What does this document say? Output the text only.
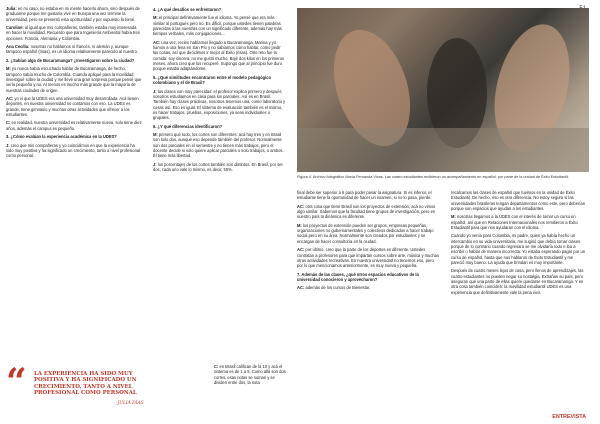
Julia: en mi caso, no estaba en mi mente hacerlo ahora, sino después de graduarme porque me gustaría vivir en Europa una vez termine la universidad, pero se presentó esta oportunidad y por supuesto la tomé.

Caroline: al igual que mis compañeras, también estaba muy interesada en hacer la movilidad. Recuerdo que para Ingeniería Ambiental había tres opciones: Francia, Alemania y Colombia.

Ana Cecília: nosotras no hablamos ni francés, ni alemán y, aunque tampoco español (risas), es un idioma relativamente parecido al nuestro.

2. ¿Sabían algo de Bucaramanga? ¿Investigaron sobre la ciudad?

M: yo nunca había escuchado hablar de Bucaramanga, de hecho, tampoco sabía mucho de Colombia. Cuando apliqué para la movilidad, investigué sobre la ciudad y me llevé una gran sorpresa porque pensé que sería pequeña y no. Al menos es mucho más grande que la mayoría de nuestras ciudades de origen.

AC: yo vi que la UDES era una universidad muy desarrollada. Acá tienen deportes, en nuestra universidad no contamos con eso. La UDES es grande, tiene gimnasio y muchas otras actividades que ofrecer a los estudiantes.

C: en realidad, nuestra universidad es relativamente nueva, solo tiene diez años, además el campus es pequeño.

3. ¿Cómo evalúan la experiencia académica en la UDES?

J: creo que mis compañeras y yo coincidimos en que la experiencia ha sido muy positiva y ha significado un crecimiento, tanto a nivel profesional como personal.

4. ¿A qué desafíos se enfrentaron?

M: el principal definitivamente fue el idioma. Yo pensé que era más similar al portugués pero no. Es difícil, porque ustedes tienen palabras parecidas a las nuestras con un significado diferente, además hay más tiempos verbales, más conjugaciones...

AC: una vez, recién habíamos llegado a Bucaramanga, Marina y yo fuimos a una feria en San Pío y no sabíamos cómo hablar, cómo pedir las cosas, así que decidimos ir mejor al Éxito (risas). Otro reto fue la comida: soy sincera, no me gustó mucho. Bajé dos kilos en los primeros meses, ahora creo que los recuperé. Supongo que al principio fue duro porque estaba adaptándome.

5. ¿Qué similitudes encontraron entre el modelo pedagógico colombiano y el de Brasil?

J: las clases son muy parecidas: el profesor explica primero y después nosotros estudiamos en casa para los parciales. Así es en Brasil. También hay clases prácticas, nosotros tenemos una, como laboratorio y cosas así. Eso es igual. El sistema de evaluación también es el mismo, es hacer trabajos, pruebas, exposiciones, ya sean individuales o grupales.

6. ¿Y qué diferencias identificaron?

M: primero que todo, los cortes son diferentes: acá hay tres y en Brasil son solo dos, aunque eso depende también del profesor. Normalmente son dos parciales en el semestre y no tienen más trabajos, pero el docente decide si solo quiere aplicar parciales o solo trabajos, o ambos. Él tiene más libertad.

J: los porcentajes de los cortes también son distintos. En Brasil, por ser dos, cada uno vale lo mismo, es decir, 50%.

C: en Brasil califican de la 10 y acá el sistema es de 1 a 5. Como allá son dos cortes, esas notas se suman y se dividen entre dos, la nota

Figura 4. Archivo fotográfico María Fernanda Vivas. Las cuatro estudiantes recibieron un acompañamiento en español, por parte de la unidad de Éxito Estudiantil.

final debe ser superior a 6 para poder pasar la asignatura. Si es inferior, el estudiante tiene la oportunidad de hacer un examen, si no lo pasa, pierde.

AC: otra cosa que tiene Brasil son los proyectos de extensión, acá no vimos algo similar. Sabemos que la facultad tiene grupos de investigación, pero en nuestro país la dinámica es diferente.

M: los proyectos de extensión pueden ser grupos, empresas pequeñas, organizaciones no gubernamentales y colectivos dedicados a hacer trabajo social pero en su área. Normalmente son creados por estudiantes y se encargan de hacer consultoría en la ciudad.

AC: por último, creo que la parte de los deportes es diferente. Ustedes contratan a profesores para que impartan cursos sobre arte, música y muchas otras actividades recreativas. En nuestra universidad no tenemos eso, pero por lo que mencionamos anteriormente, es muy nueva y pequeña.

7. Además de las clases, ¿qué otros espacios educativos de la universidad conocieron y aprovecharon?

AC: además de los cursos de Bienestar,

recalcamos las clases de español que tuvimos en la unidad de Éxito Estudiantil. De hecho, eso es otra diferencia. No estoy segura si las universidades brasileras tengan departamentos como este, pero deberían porque son espacios que ayudan a los estudiantes.

M: nosotras llegamos a la UDES con el interés de tomar un curso en español, así que en Relaciones Internacionales nos remitieron a Éxito Estudiantil para que nos ayudaran con el idioma.

Cuando yo venía para Colombia, mi padre, quien ya había hecho un intercambio en su vida universitaria, me sugirió que debía tomar clases porque de lo contrario cuando regresara se me olvidaría todo e iba a escribir o hablar de manera incorrecta. Yo estaba esperando pagar por un curso de español, hasta que nos hablaron de Éxito Estudiantil y me pareció muy bueno. La ayuda que brindan es muy importante.

Después de cuatro meses lejos de casa, pero llenos de aprendizajes, las cuatro estudiantes no pueden negar su nostalgia. Extrañan su país, pero aseguran que una parte de ellas quiere quedarse en Bucaramanga. Y en otra cosa también coinciden: la movilidad estudiantil UDES es una experiencia que definitivamente vale la pena vivir.

“ LA EXPERIENCIA HA SIDO MUY POSITIVA Y HA SIGNIFICADO UN CRECIMIENTO, TANTO A NIVEL PROFESIONAL COMO PERSONAL
-JULIA DÍAS
ENTREVISTA
